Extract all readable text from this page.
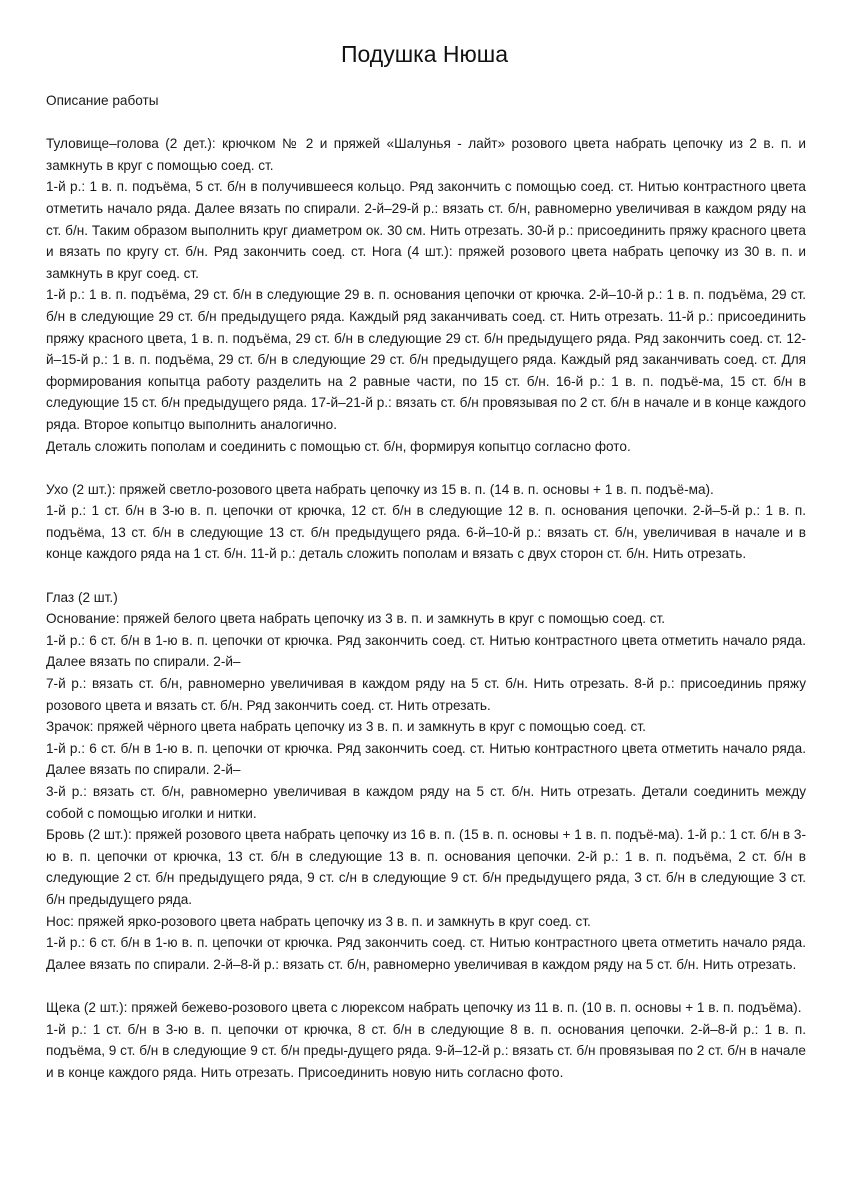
Подушка Нюша

Описание работы

Туловище–голова (2 дет.): крючком № 2 и пряжей «Шалунья - лайт» розового цвета набрать цепочку из 2 в. п. и замкнуть в круг с помощью соед. ст.

1-й р.: 1 в. п. подъёма, 5 ст. б/н в получившееся кольцо. Ряд закончить с помощью соед. ст. Нитью контрастного цвета отметить начало ряда. Далее вязать по спирали. 2-й–29-й р.: вязать ст. б/н, равномерно увеличивая в каждом ряду на ст. б/н. Таким образом выполнить круг диаметром ок. 30 см. Нить отрезать. 30-й р.: присоединить пряжу красного цвета и вязать по кругу ст. б/н. Ряд закончить соед. ст. Нога (4 шт.): пряжей розового цвета набрать цепочку из 30 в. п. и замкнуть в круг соед. ст.

1-й р.: 1 в. п. подъёма, 29 ст. б/н в следующие 29 в. п. основания цепочки от крючка. 2-й–10-й р.: 1 в. п. подъёма, 29 ст. б/н в следующие 29 ст. б/н предыдущего ряда. Каждый ряд заканчивать соед. ст. Нить отрезать. 11-й р.: присоединить пряжу красного цвета, 1 в. п. подъёма, 29 ст. б/н в следующие 29 ст. б/н предыдущего ряда. Ряд закончить соед. ст. 12-й–15-й р.: 1 в. п. подъёма, 29 ст. б/н в следующие 29 ст. б/н предыдущего ряда. Каждый ряд заканчивать соед. ст. Для формирования копытца работу разделить на 2 равные части, по 15 ст. б/н. 16-й р.: 1 в. п. подъё-ма, 15 ст. б/н в следующие 15 ст. б/н предыдущего ряда. 17-й–21-й р.: вязать ст. б/н провязывая по 2 ст. б/н в начале и в конце каждого ряда. Второе копытцо выполнить аналогично.

Деталь сложить пополам и соединить с помощью ст. б/н, формируя копытцо согласно фото.

Ухо (2 шт.): пряжей светло-розового цвета набрать цепочку из 15 в. п. (14 в. п. основы + 1 в. п. подъё-ма).

1-й р.: 1 ст. б/н в 3-ю в. п. цепочки от крючка, 12 ст. б/н в следующие 12 в. п. основания цепочки. 2-й–5-й р.: 1 в. п. подъёма, 13 ст. б/н в следующие 13 ст. б/н предыдущего ряда. 6-й–10-й р.: вязать ст. б/н, увеличивая в начале и в конце каждого ряда на 1 ст. б/н. 11-й р.: деталь сложить пополам и вязать с двух сторон ст. б/н. Нить отрезать.

Глаз (2 шт.)

Основание: пряжей белого цвета набрать цепочку из 3 в. п. и замкнуть в круг с помощью соед. ст.

1-й р.: 6 ст. б/н в 1-ю в. п. цепочки от крючка. Ряд закончить соед. ст. Нитью контрастного цвета отметить начало ряда. Далее вязать по спирали. 2-й–

7-й р.: вязать ст. б/н, равномерно увеличивая в каждом ряду на 5 ст. б/н. Нить отрезать. 8-й р.: присоединиь пряжу розового цвета и вязать ст. б/н. Ряд закончить соед. ст. Нить отрезать.

Зрачок: пряжей чёрного цвета набрать цепочку из 3 в. п. и замкнуть в круг с помощью соед. ст.

1-й р.: 6 ст. б/н в 1-ю в. п. цепочки от крючка. Ряд закончить соед. ст. Нитью контрастного цвета отметить начало ряда. Далее вязать по спирали. 2-й–

3-й р.: вязать ст. б/н, равномерно увеличивая в каждом ряду на 5 ст. б/н. Нить отрезать. Детали соединить между собой с помощью иголки и нитки.

Бровь (2 шт.): пряжей розового цвета набрать цепочку из 16 в. п. (15 в. п. основы + 1 в. п. подъё-ма). 1-й р.: 1 ст. б/н в 3-ю в. п. цепочки от крючка, 13 ст. б/н в следующие 13 в. п. основания цепочки. 2-й р.: 1 в. п. подъёма, 2 ст. б/н в следующие 2 ст. б/н предыдущего ряда, 9 ст. с/н в следующие 9 ст. б/н предыдущего ряда, 3 ст. б/н в следующие 3 ст. б/н предыдущего ряда.

Нос: пряжей ярко-розового цвета набрать цепочку из 3 в. п. и замкнуть в круг соед. ст.

1-й р.: 6 ст. б/н в 1-ю в. п. цепочки от крючка. Ряд закончить соед. ст. Нитью контрастного цвета отметить начало ряда. Далее вязать по спирали. 2-й–8-й р.: вязать ст. б/н, равномерно увеличивая в каждом ряду на 5 ст. б/н. Нить отрезать.

Щека (2 шт.): пряжей бежево-розового цвета с люрексом набрать цепочку из 11 в. п. (10 в. п. основы + 1 в. п. подъёма).

1-й р.: 1 ст. б/н в 3-ю в. п. цепочки от крючка, 8 ст. б/н в следующие 8 в. п. основания цепочки. 2-й–8-й р.: 1 в. п. подъёма, 9 ст. б/н в следующие 9 ст. б/н преды-дущего ряда. 9-й–12-й р.: вязать ст. б/н провязывая по 2 ст. б/н в начале и в конце каждого ряда. Нить отрезать. Присоединить новую нить согласно фото.
